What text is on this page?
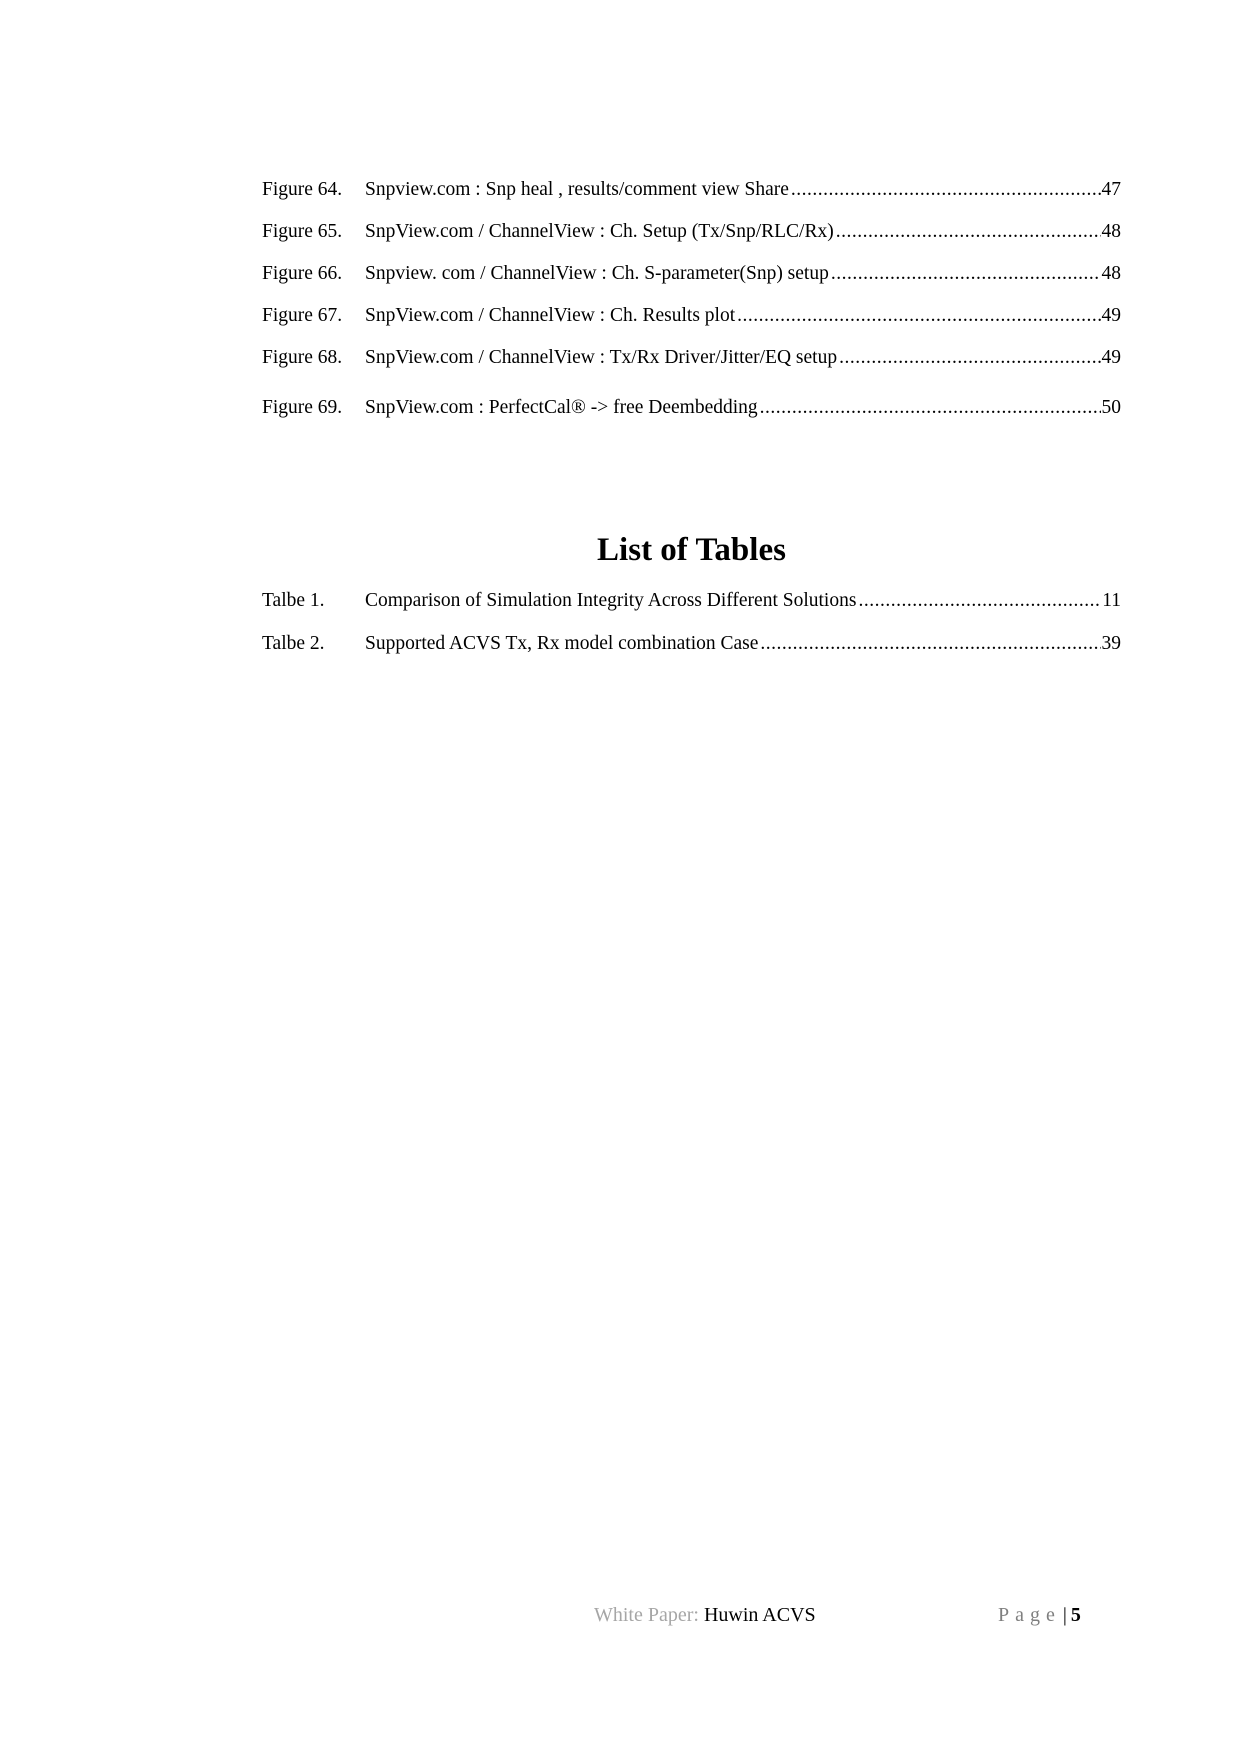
Figure 64.	Snpview.com : Snp heal , results/comment view Share .....	47
Figure 65.	SnpView.com / ChannelView : Ch. Setup (Tx/Snp/RLC/Rx) .....	48
Figure 66.	Snpview. com / ChannelView : Ch. S-parameter(Snp) setup .....	48
Figure 67.	SnpView.com / ChannelView : Ch. Results plot .....	49
Figure 68.	SnpView.com / ChannelView : Tx/Rx Driver/Jitter/EQ setup .....	49
Figure 69.	SnpView.com : PerfectCal® -> free Deembedding .....	50
List of Tables
Talbe 1.	Comparison of Simulation Integrity Across Different Solutions .....	11
Talbe 2.	Supported ACVS Tx, Rx model combination Case .....	39
White Paper: Huwin ACVS	Page | 5
